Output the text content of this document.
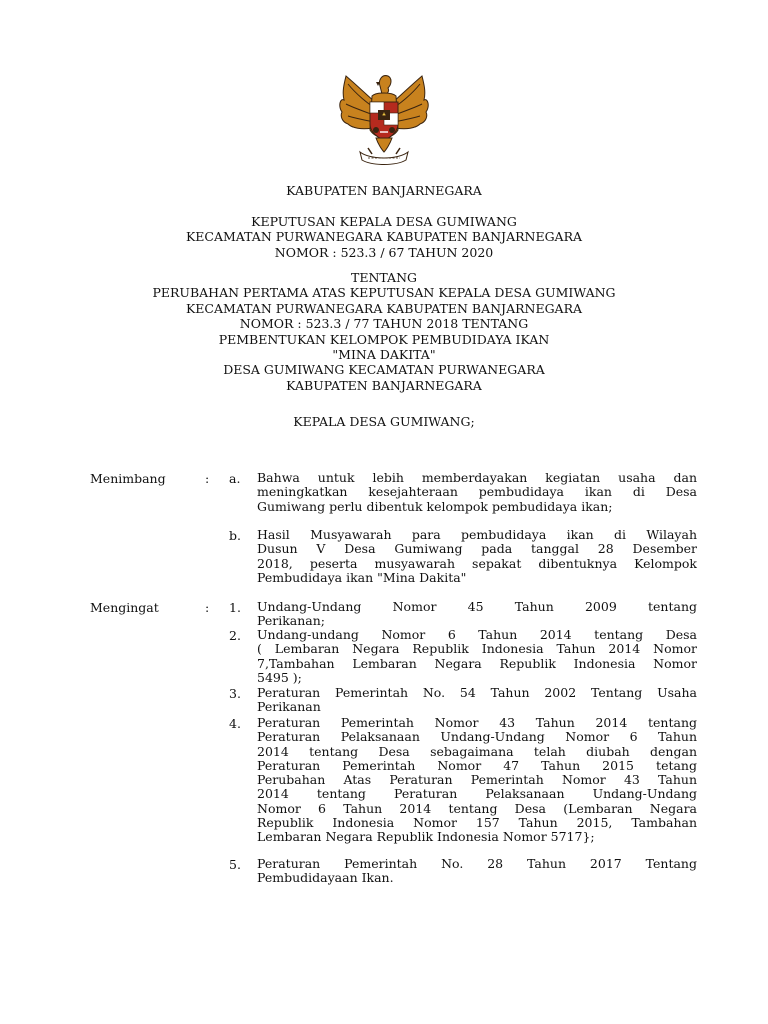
KABUPATEN BANJARNEGARA
KEPUTUSAN KEPALA DESA GUMIWANG
KECAMATAN PURWANEGARA KABUPATEN BANJARNEGARA
NOMOR : 523.3 / 67 TAHUN 2020
TENTANG
PERUBAHAN PERTAMA ATAS KEPUTUSAN KEPALA DESA GUMIWANG
KECAMATAN PURWANEGARA KABUPATEN BANJARNEGARA
NOMOR : 523.3 / 77 TAHUN 2018 TENTANG
PEMBENTUKAN KELOMPOK PEMBUDIDAYA IKAN
"MINA DAKITA"
DESA GUMIWANG KECAMATAN PURWANEGARA
KABUPATEN BANJARNEGARA
KEPALA DESA GUMIWANG;
Menimbang	: a.	Bahwa untuk lebih memberdayakan kegiatan usaha dan
meningkatkan kesejahteraan pembudidaya ikan di Desa
Gumiwang perlu dibentuk kelompok pembudidaya ikan;
b.	Hasil Musyawarah para pembudidaya ikan di Wilayah
Dusun V Desa Gumiwang pada tanggal 28 Desember
2018, peserta musyawarah sepakat dibentuknya Kelompok
Pembudidaya ikan "Mina Dakita"
Mengingat	: 1.	Undang-Undang Nomor 45 Tahun 2009 tentang
Perikanan;
2.	Undang-undang Nomor 6 Tahun 2014 tentang Desa
( Lembaran Negara Republik Indonesia Tahun 2014 Nomor
7,Tambahan Lembaran Negara Republik Indonesia Nomor
5495 );
3.	Peraturan Pemerintah No. 54 Tahun 2002 Tentang Usaha
Perikanan
4.	Peraturan Pemerintah Nomor 43 Tahun 2014 tentang
Peraturan Pelaksanaan Undang-Undang Nomor 6 Tahun
2014 tentang Desa sebagaimana telah diubah dengan
Peraturan Pemerintah Nomor 47 Tahun 2015 tetang
Perubahan Atas Peraturan Pemerintah Nomor 43 Tahun
2014 tentang Peraturan Pelaksanaan Undang-Undang
Nomor 6 Tahun 2014 tentang Desa (Lembaran Negara
Republik Indonesia Nomor 157 Tahun 2015, Tambahan
Lembaran Negara Republik Indonesia Nomor 5717};
5.	Peraturan Pemerintah No. 28 Tahun 2017 Tentang
Pembudidayaan Ikan.
